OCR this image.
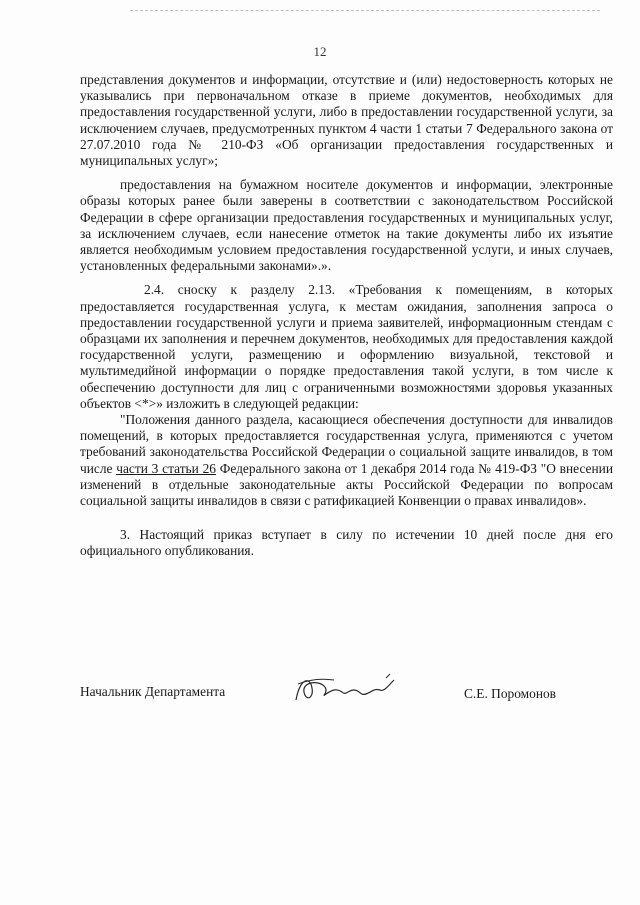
12

представления документов и информации, отсутствие и (или) недостоверность которых не указывались при первоначальном отказе в приеме документов, необходимых для предоставления государственной услуги, либо в предоставлении государственной услуги, за исключением случаев, предусмотренных пунктом 4 части 1 статьи 7 Федерального закона от 27.07.2010 года № 210-ФЗ «Об организации предоставления государственных и муниципальных услуг»;

предоставления на бумажном носителе документов и информации, электронные образы которых ранее были заверены в соответствии с законодательством Российской Федерации в сфере организации предоставления государственных и муниципальных услуг, за исключением случаев, если нанесение отметок на такие документы либо их изъятие является необходимым условием предоставления государственной услуги, и иных случаев, установленных федеральными законами».».

2.4. сноску к разделу 2.13. «Требования к помещениям, в которых предоставляется государственная услуга, к местам ожидания, заполнения запроса о предоставлении государственной услуги и приема заявителей, информационным стендам с образцами их заполнения и перечнем документов, необходимых для предоставления каждой государственной услуги, размещению и оформлению визуальной, текстовой и мультимедийной информации о порядке предоставления такой услуги, в том числе к обеспечению доступности для лиц с ограниченными возможностями здоровья указанных объектов <*>» изложить в следующей редакции:

"Положения данного раздела, касающиеся обеспечения доступности для инвалидов помещений, в которых предоставляется государственная услуга, применяются с учетом требований законодательства Российской Федерации о социальной защите инвалидов, в том числе части 3 статьи 26 Федерального закона от 1 декабря 2014 года № 419-ФЗ "О внесении изменений в отдельные законодательные акты Российской Федерации по вопросам социальной защиты инвалидов в связи с ратификацией Конвенции о правах инвалидов».

3. Настоящий приказ вступает в силу по истечении 10 дней после дня его официального опубликования.

Начальник Департамента	С.Е. Поромонов
